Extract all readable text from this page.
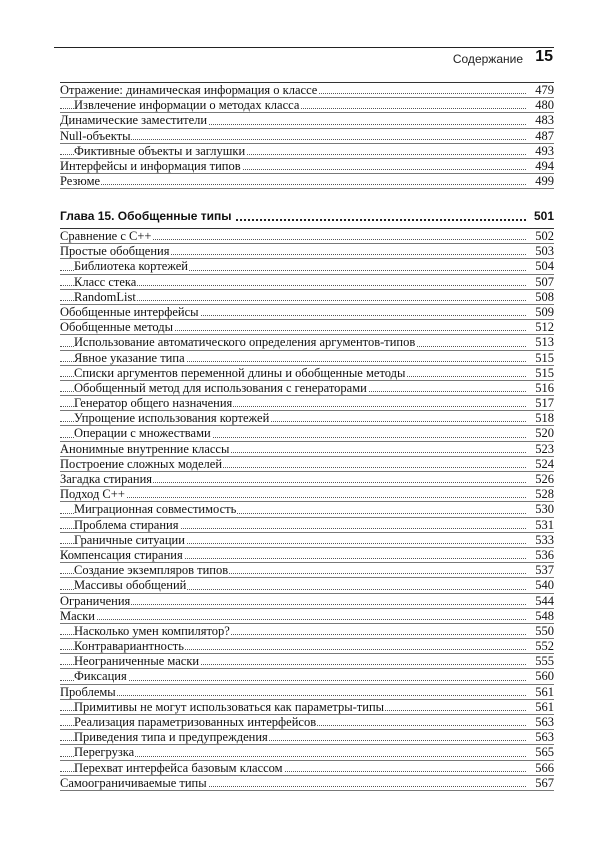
Содержание 15
Отражение: динамическая информация о классе	479
Извлечение информации о методах класса	480
Динамические заместители	483
Null-объекты	487
Фиктивные объекты и заглушки	493
Интерфейсы и информация типов	494
Резюме	499
Глава 15. Обобщенные типы	501
Сравнение с C++	502
Простые обобщения	503
Библиотека кортежей	504
Класс стека	507
RandomList	508
Обобщенные интерфейсы	509
Обобщенные методы	512
Использование автоматического определения аргументов-типов	513
Явное указание типа	515
Списки аргументов переменной длины и обобщенные методы	515
Обобщенный метод для использования с генераторами	516
Генератор общего назначения	517
Упрощение использования кортежей	518
Операции с множествами	520
Анонимные внутренние классы	523
Построение сложных моделей	524
Загадка стирания	526
Подход C++	528
Миграционная совместимость	530
Проблема стирания	531
Граничные ситуации	533
Компенсация стирания	536
Создание экземпляров типов	537
Массивы обобщений	540
Ограничения	544
Маски	548
Насколько умен компилятор?	550
Контравариантность	552
Неограниченные маски	555
Фиксация	560
Проблемы	561
Примитивы не могут использоваться как параметры-типы	561
Реализация параметризованных интерфейсов	563
Приведения типа и предупреждения	563
Перегрузка	565
Перехват интерфейса базовым классом	566
Самоограничиваемые типы	567
